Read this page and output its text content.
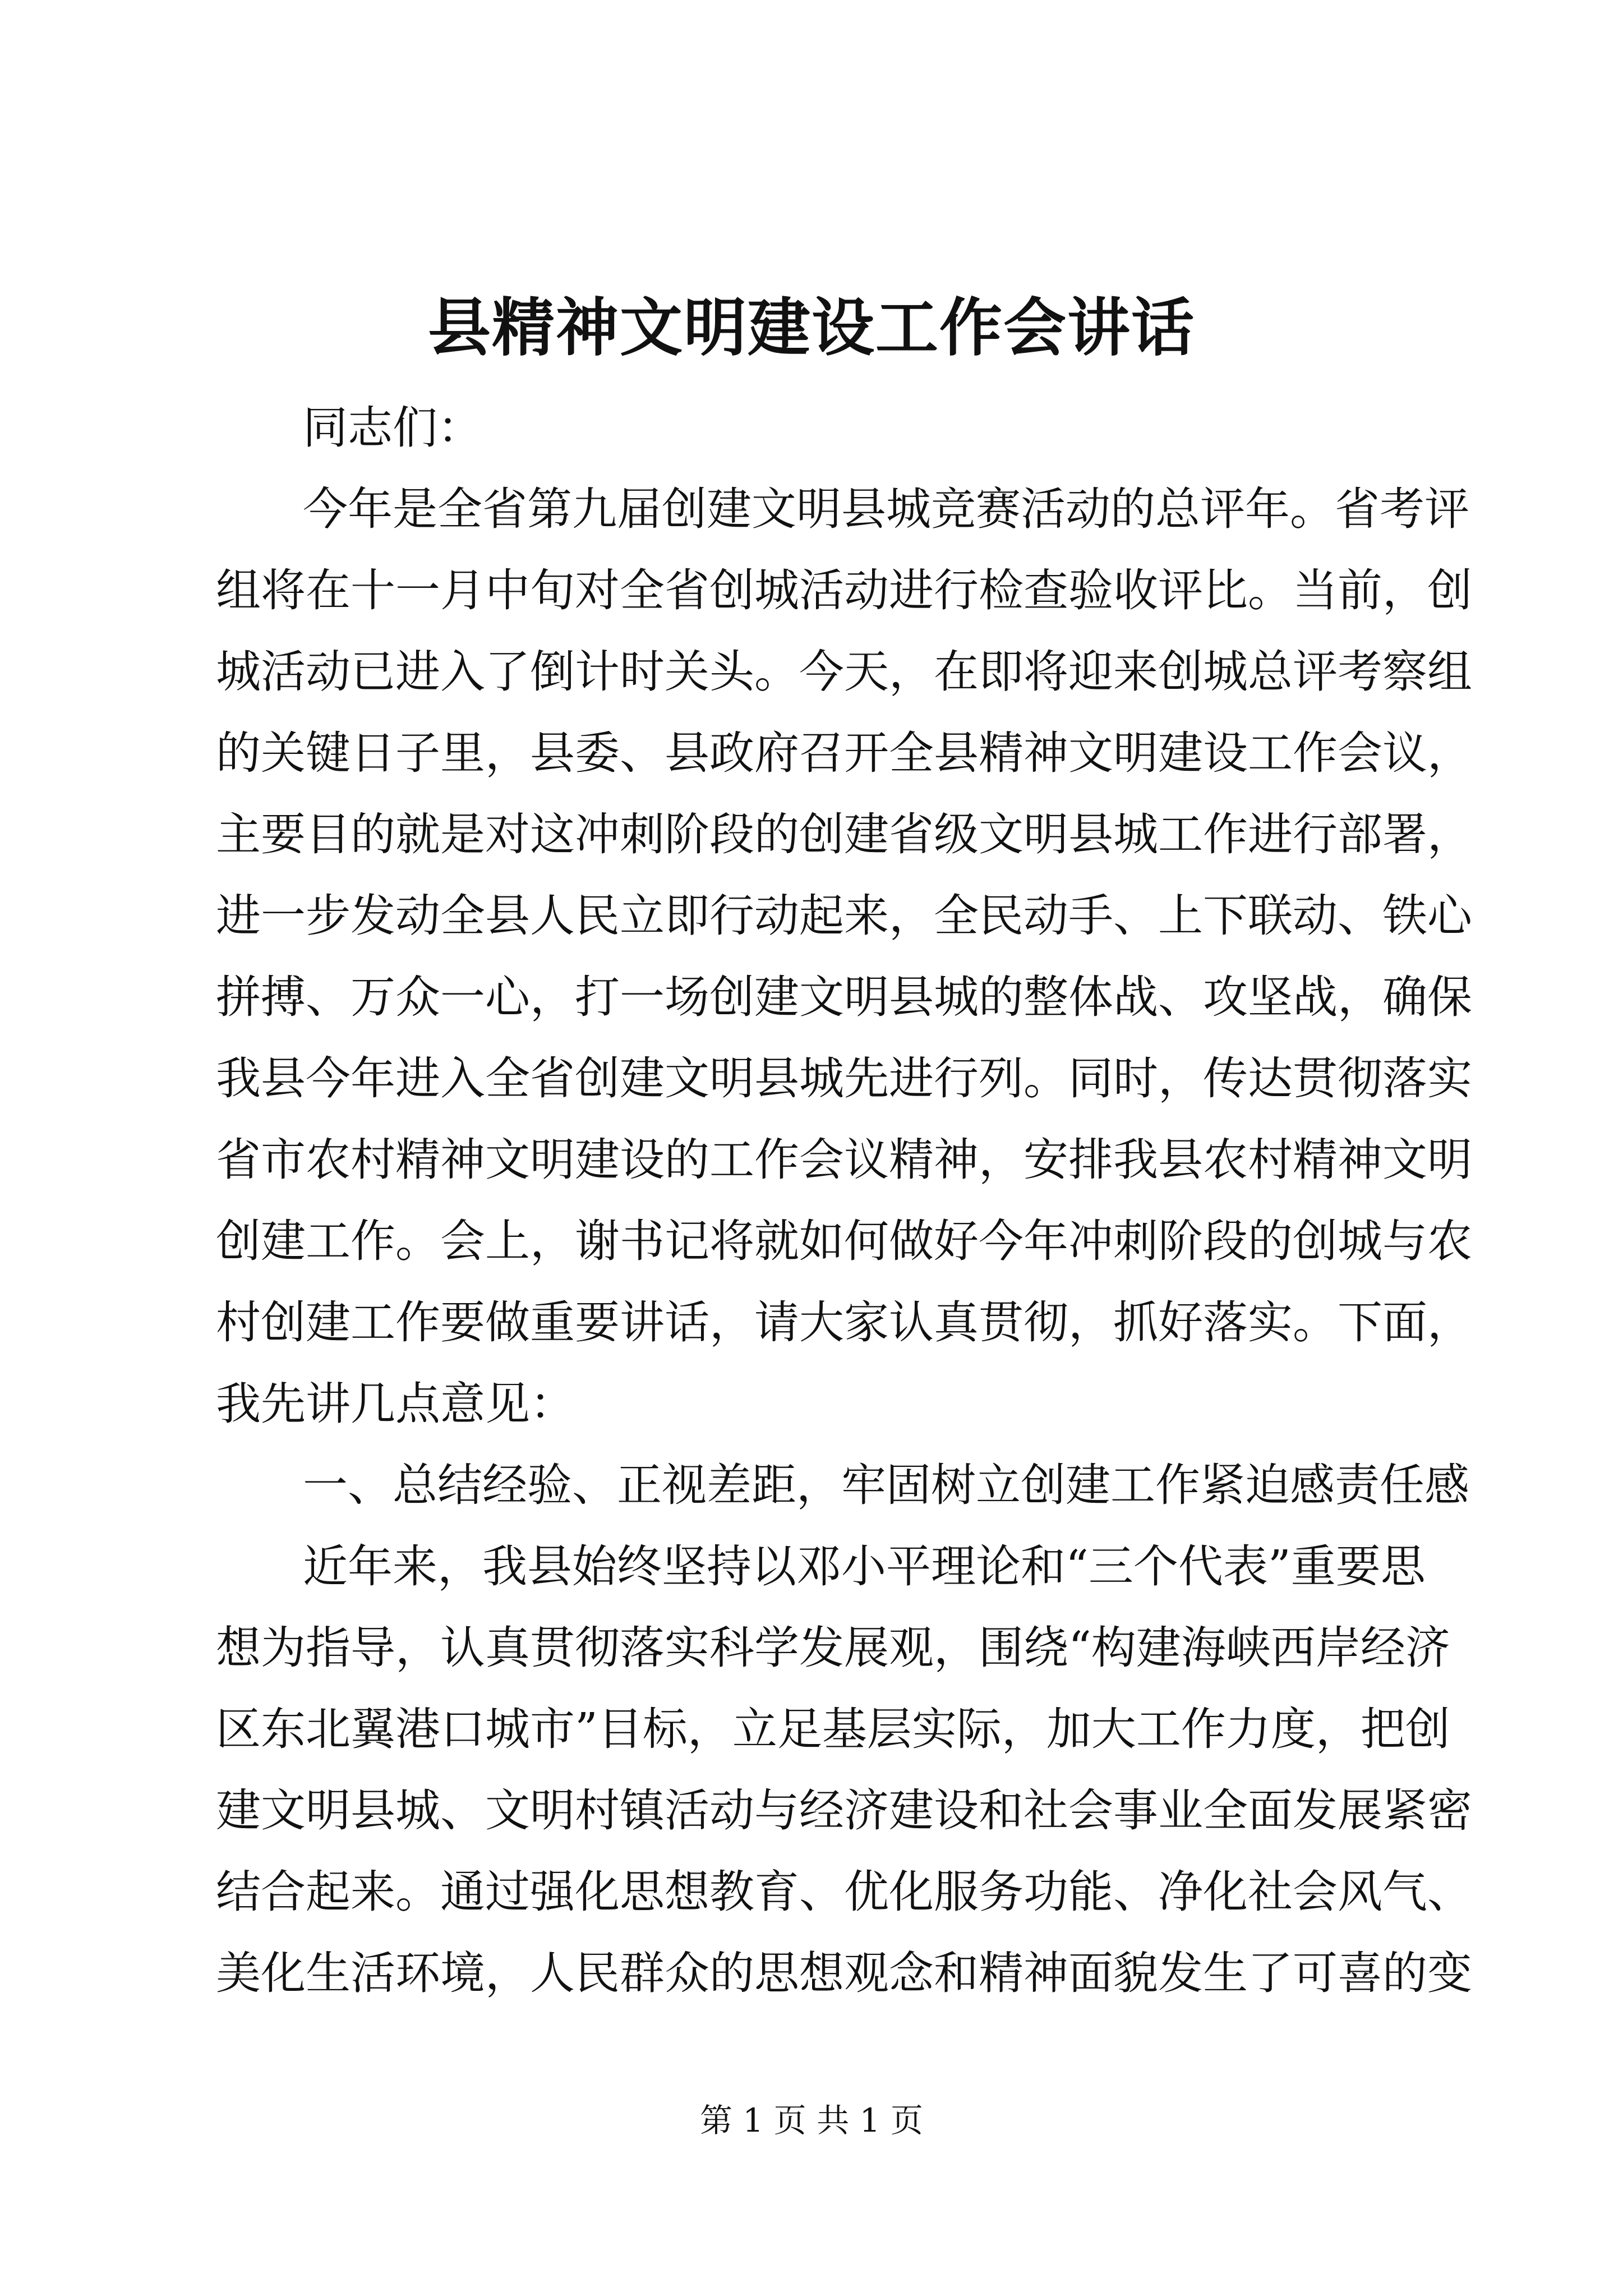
县精神文明建设工作会讲话
同志们：
今年是全省第九届创建文明县城竞赛活动的总评年。省考评
组将在十一月中旬对全省创城活动进行检查验收评比。当前，创
城活动已进入了倒计时关头。今天，在即将迎来创城总评考察组
的关键日子里，县委、县政府召开全县精神文明建设工作会议，
主要目的就是对这冲刺阶段的创建省级文明县城工作进行部署，
进一步发动全县人民立即行动起来，全民动手、上下联动、铁心
拼搏、万众一心，打一场创建文明县城的整体战、攻坚战，确保
我县今年进入全省创建文明县城先进行列。同时，传达贯彻落实
省市农村精神文明建设的工作会议精神，安排我县农村精神文明
创建工作。会上，谢书记将就如何做好今年冲刺阶段的创城与农
村创建工作要做重要讲话，请大家认真贯彻，抓好落实。下面，
我先讲几点意见：
一、总结经验、正视差距，牢固树立创建工作紧迫感责任感
近年来，我县始终坚持以邓小平理论和“三个代表”重要思
想为指导，认真贯彻落实科学发展观，围绕“构建海峡西岸经济
区东北翼港口城市”目标，立足基层实际，加大工作力度，把创
建文明县城、文明村镇活动与经济建设和社会事业全面发展紧密
结合起来。通过强化思想教育、优化服务功能、净化社会风气、
美化生活环境，人民群众的思想观念和精神面貌发生了可喜的变
第 1 页 共 1 页
